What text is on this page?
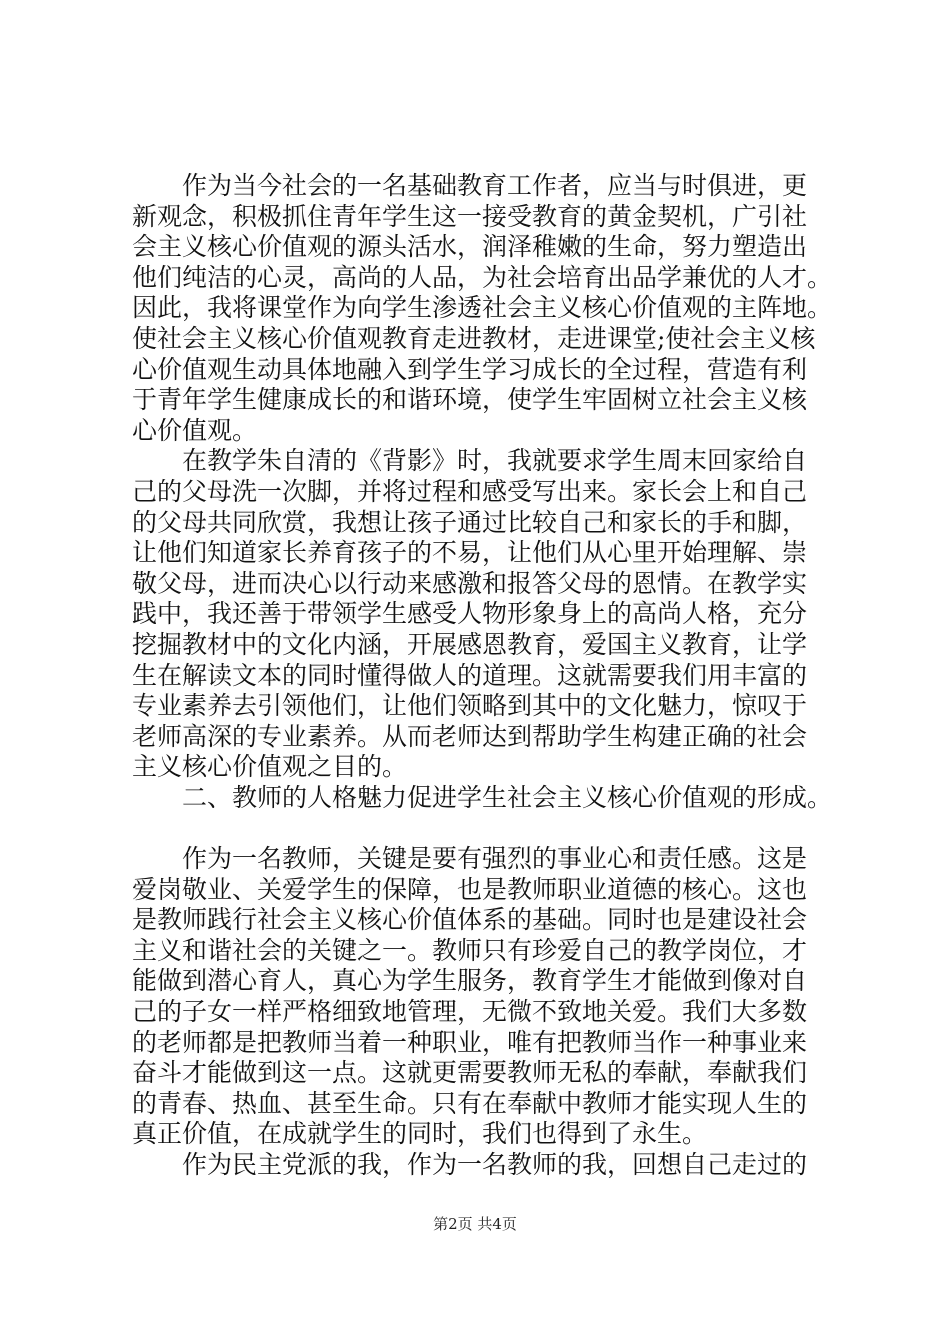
作为当今社会的一名基础教育工作者，应当与时俱进，更
新观念，积极抓住青年学生这一接受教育的黄金契机，广引社
会主义核心价值观的源头活水，润泽稚嫩的生命，努力塑造出
他们纯洁的心灵，高尚的人品，为社会培育出品学兼优的人才。
因此，我将课堂作为向学生渗透社会主义核心价值观的主阵地。
使社会主义核心价值观教育走进教材，走进课堂;使社会主义核
心价值观生动具体地融入到学生学习成长的全过程，营造有利
于青年学生健康成长的和谐环境，使学生牢固树立社会主义核
心价值观。
在教学朱自清的《背影》时，我就要求学生周末回家给自
己的父母洗一次脚，并将过程和感受写出来。家长会上和自己
的父母共同欣赏，我想让孩子通过比较自己和家长的手和脚，
让他们知道家长养育孩子的不易，让他们从心里开始理解、崇
敬父母，进而决心以行动来感激和报答父母的恩情。在教学实
践中，我还善于带领学生感受人物形象身上的高尚人格，充分
挖掘教材中的文化内涵，开展感恩教育，爱国主义教育，让学
生在解读文本的同时懂得做人的道理。这就需要我们用丰富的
专业素养去引领他们，让他们领略到其中的文化魅力，惊叹于
老师高深的专业素养。从而老师达到帮助学生构建正确的社会
主义核心价值观之目的。
二、教师的人格魅力促进学生社会主义核心价值观的形成。
作为一名教师，关键是要有强烈的事业心和责任感。这是
爱岗敬业、关爱学生的保障，也是教师职业道德的核心。这也
是教师践行社会主义核心价值体系的基础。同时也是建设社会
主义和谐社会的关键之一。教师只有珍爱自己的教学岗位，才
能做到潜心育人，真心为学生服务，教育学生才能做到像对自
己的子女一样严格细致地管理，无微不致地关爱。我们大多数
的老师都是把教师当着一种职业，唯有把教师当作一种事业来
奋斗才能做到这一点。这就更需要教师无私的奉献，奉献我们
的青春、热血、甚至生命。只有在奉献中教师才能实现人生的
真正价值，在成就学生的同时，我们也得到了永生。
作为民主党派的我，作为一名教师的我，回想自己走过的
第2页 共4页
